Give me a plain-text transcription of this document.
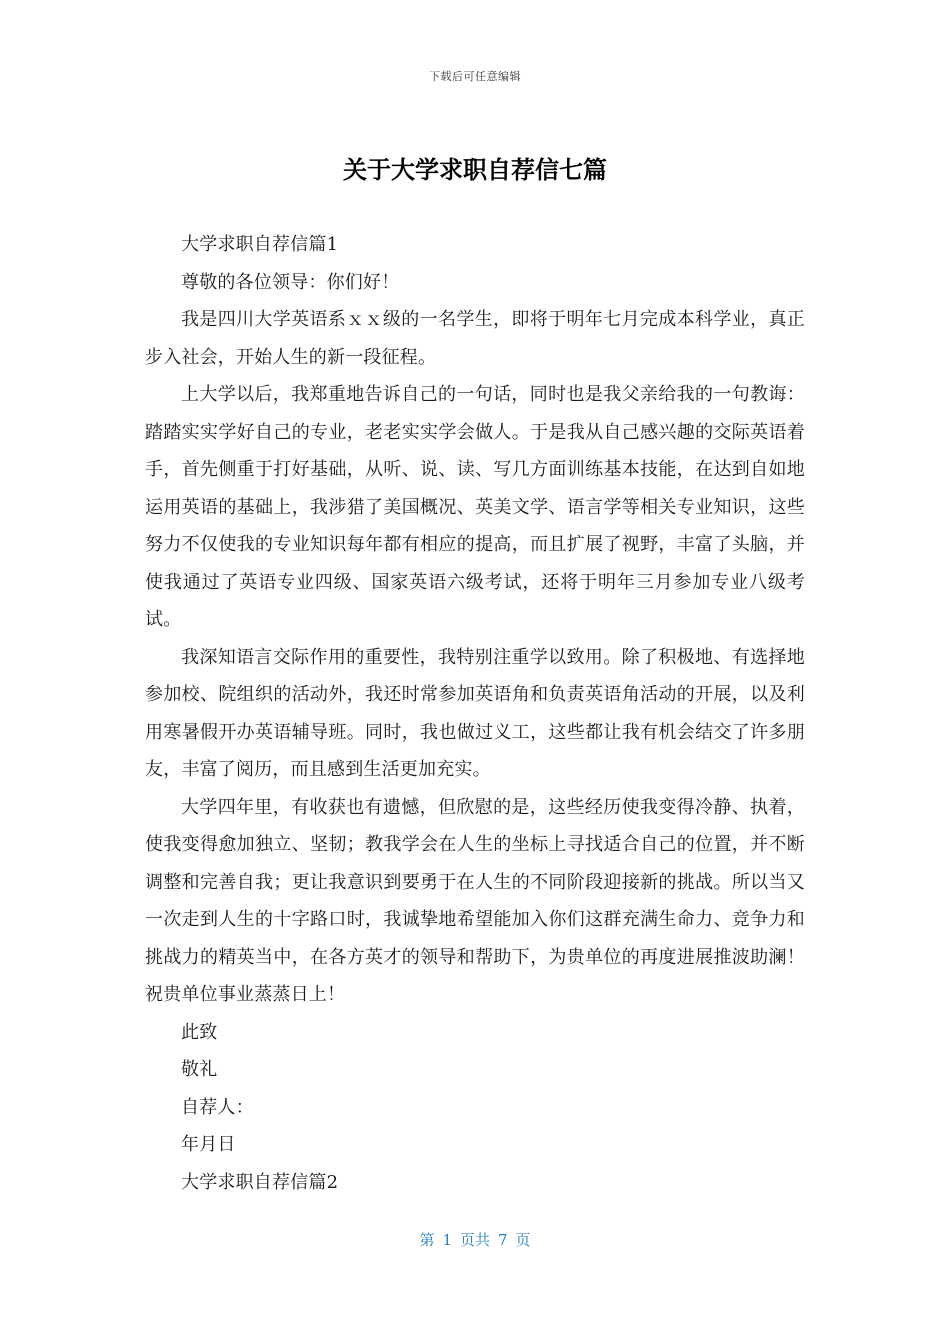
下载后可任意编辑
关于大学求职自荐信七篇

大学求职自荐信篇1

尊敬的各位领导：你们好！

我是四川大学英语系ｘｘ级的一名学生，即将于明年七月完成本科学业，真正步入社会，开始人生的新一段征程。

上大学以后，我郑重地告诉自己的一句话，同时也是我父亲给我的一句教诲：踏踏实实学好自己的专业，老老实实学会做人。于是我从自己感兴趣的交际英语着手，首先侧重于打好基础，从听、说、读、写几方面训练基本技能，在达到自如地运用英语的基础上，我涉猎了美国概况、英美文学、语言学等相关专业知识，这些努力不仅使我的专业知识每年都有相应的提高，而且扩展了视野，丰富了头脑，并使我通过了英语专业四级、国家英语六级考试，还将于明年三月参加专业八级考试。

我深知语言交际作用的重要性，我特别注重学以致用。除了积极地、有选择地参加校、院组织的活动外，我还时常参加英语角和负责英语角活动的开展，以及利用寒暑假开办英语辅导班。同时，我也做过义工，这些都让我有机会结交了许多朋友，丰富了阅历，而且感到生活更加充实。

大学四年里，有收获也有遗憾，但欣慰的是，这些经历使我变得冷静、执着，使我变得愈加独立、坚韧；教我学会在人生的坐标上寻找适合自己的位置，并不断调整和完善自我；更让我意识到要勇于在人生的不同阶段迎接新的挑战。所以当又一次走到人生的十字路口时，我诚挚地希望能加入你们这群充满生命力、竞争力和挑战力的精英当中，在各方英才的领导和帮助下，为贵单位的再度进展推波助澜！祝贵单位事业蒸蒸日上！

此致

敬礼

自荐人：

年月日

大学求职自荐信篇2

第 1 页共 7 页
